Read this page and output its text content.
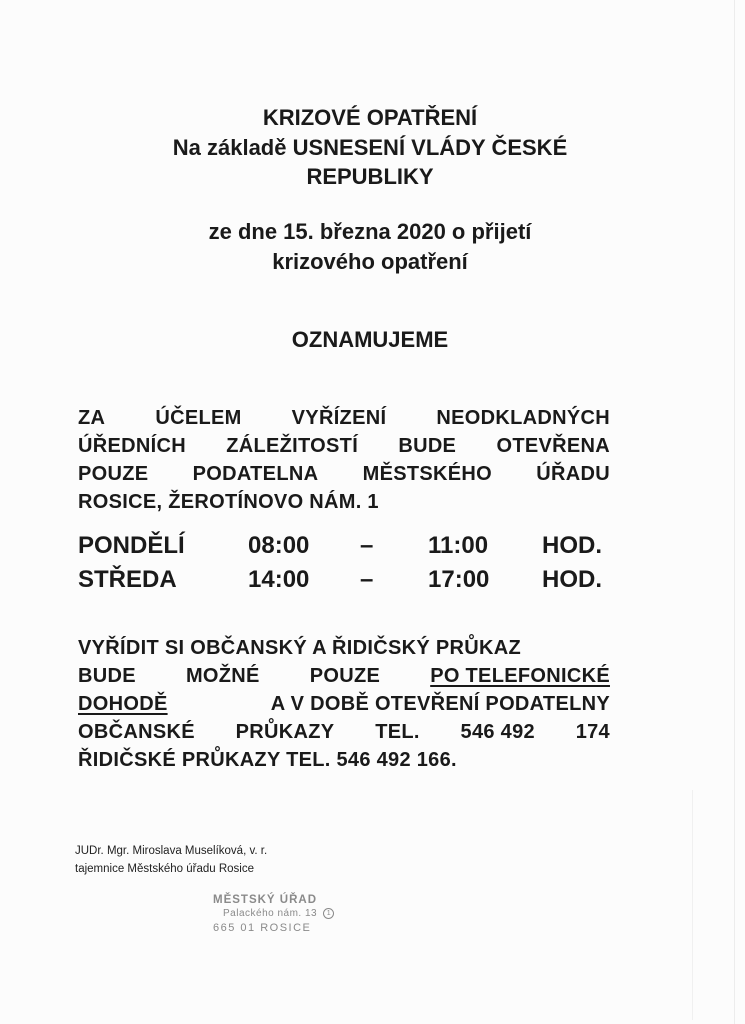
KRIZOVÉ OPATŘENÍ
Na základě USNESENÍ VLÁDY ČESKÉ
REPUBLIKY
ze dne 15. března 2020 o přijetí
krizového opatření
OZNAMUJEME
ZA	ÚČELEM	VYŘÍZENÍ	NEODKLADNÝCH
ÚŘEDNÍCH ZÁLEŽITOSTÍ BUDE OTEVŘENA
POUZE PODATELNA MĚSTSKÉHO ÚŘADU
ROSICE, ŽEROTÍNOVO NÁM. 1
PONDĚLÍ	08:00 – 11:00 HOD.
STŘEDA	14:00 – 17:00 HOD.
VYŘÍDIT SI OBČANSKÝ A ŘIDIČSKÝ PRŮKAZ
BUDE	MOŽNÉ	POUZE	PO TELEFONICKÉ
DOHODĚ	A V DOBĚ OTEVŘENÍ PODATELNY
OBČANSKÉ PRŮKAZY TEL. 546 492 174
ŘIDIČSKÉ PRŮKAZY TEL. 546 492 166.
JUDr. Mgr. Miroslava Muselíková, v. r.
tajemnice Městského úřadu Rosice
MĚSTSKÝ ÚŘAD
Palackého nám. 13 1
665 01 ROSICE
